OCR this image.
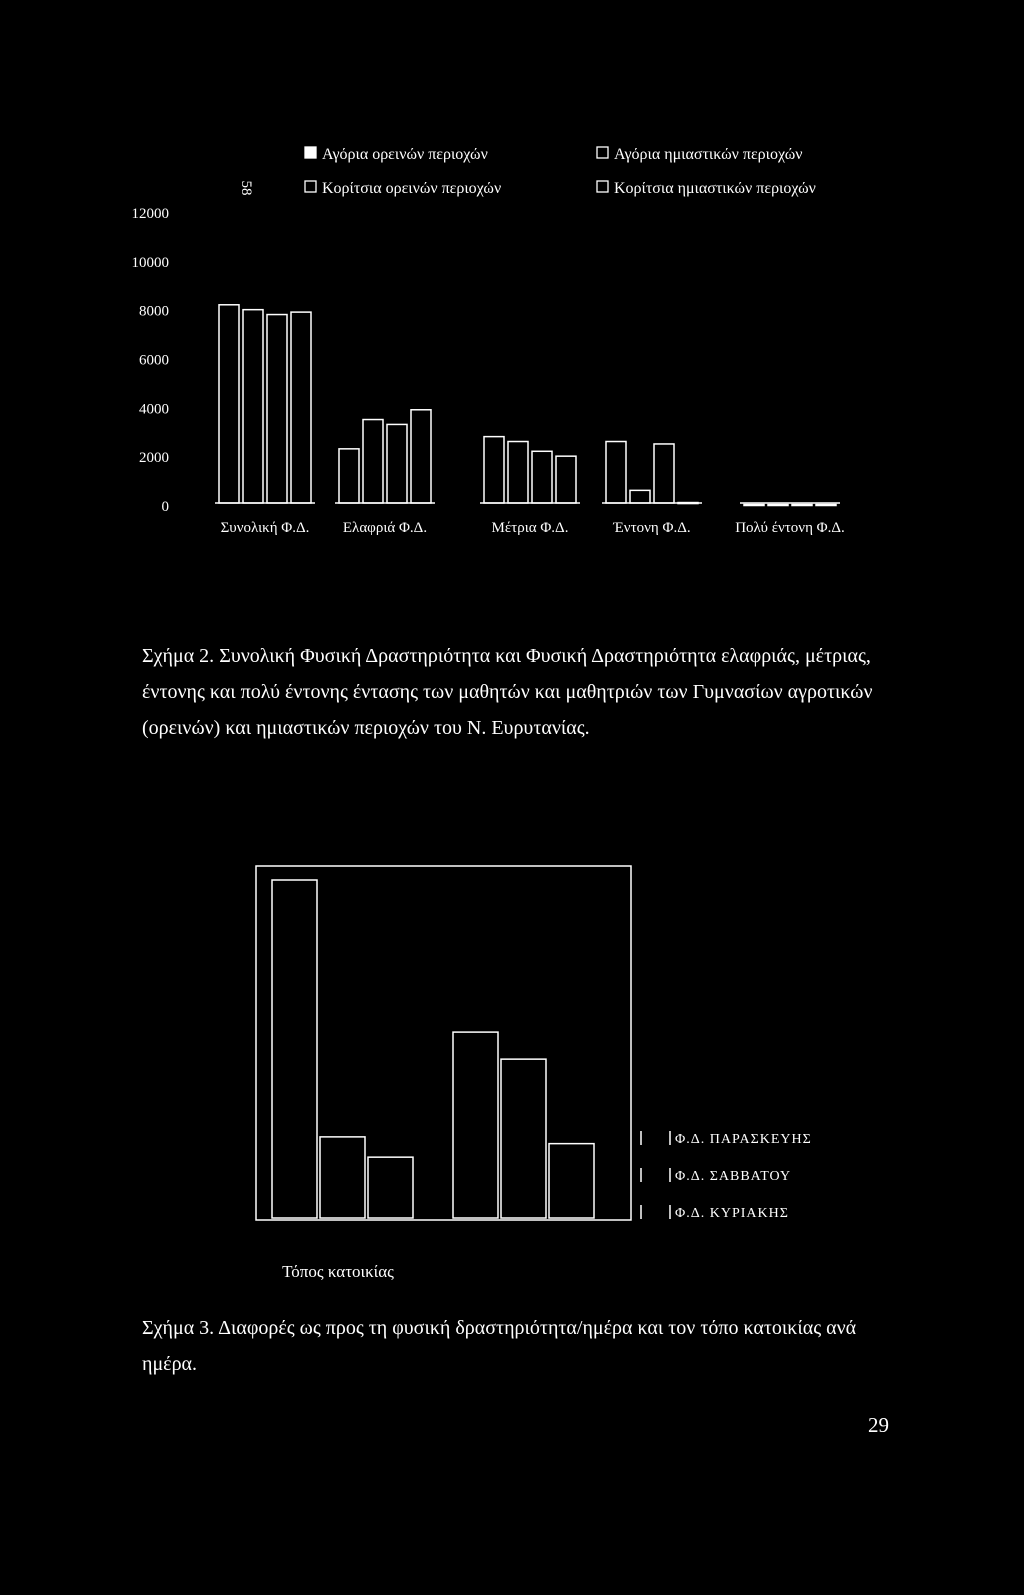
0
2000
4000
6000
8000
10000
12000
Συνολική Φ.Δ. Ελαφριά Φ.Δ.	Μέτρια Φ.Δ.	Έντονη Φ.Δ.	Πολύ έντονη Φ.Δ.
Αγόρια ορεινών περιοχών	Αγόρια ημιαστικών περιοχών
Κορίτσια ορεινών περιοχών	Κορίτσια ημιαστικών περιοχών
58
Σχήμα 2. Συνολική Φυσική Δραστηριότητα και Φυσική Δραστηριότητα ελαφριάς, μέτριας, έντονης και πολύ έντονης έντασης των μαθητών και μαθητριών των Γυμνασίων αγροτικών (ορεινών) και ημιαστικών περιοχών του Ν. Ευρυτανίας.
Φ.Δ. ΠΑΡΑΣΚΕΥΗΣ
Φ.Δ. ΣΑΒΒΑΤΟΥ
Φ.Δ. ΚΥΡΙΑΚΗΣ
Τόπος κατοικίας
Σχήμα 3. Διαφορές ως προς τη φυσική δραστηριότητα/ημέρα και τον τόπο κατοικίας ανά ημέρα.
29
